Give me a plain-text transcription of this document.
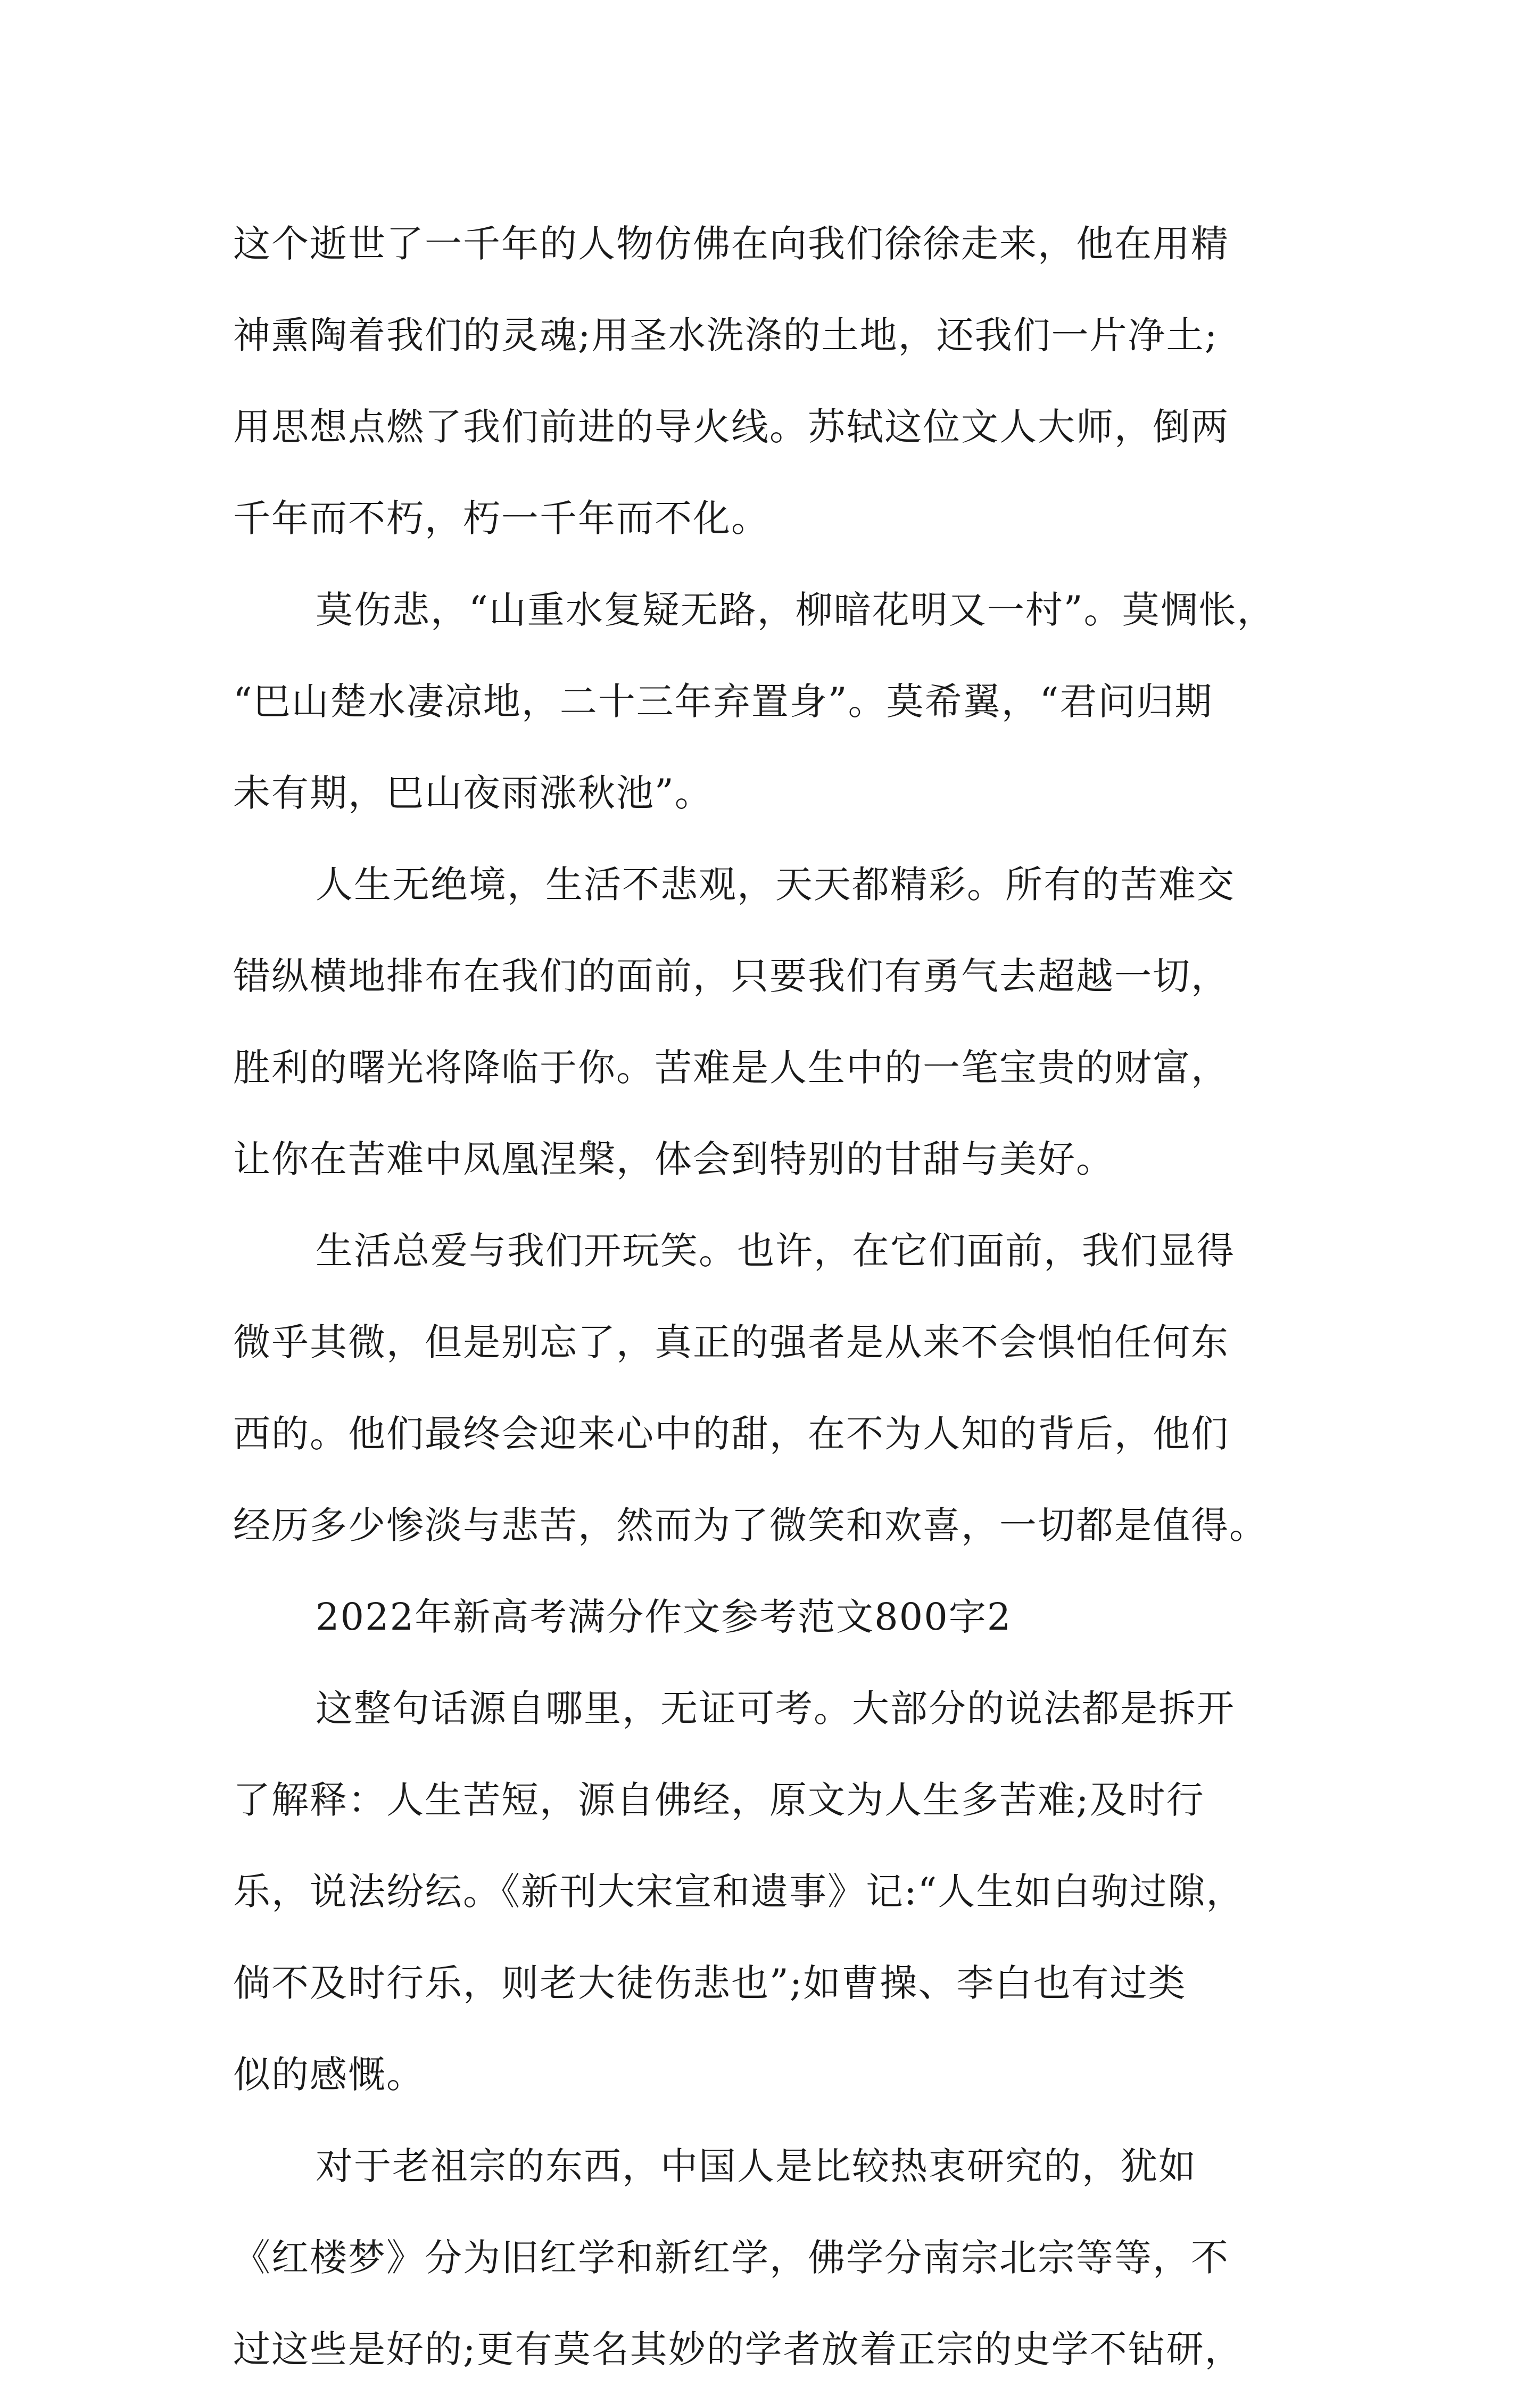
这个逝世了一千年的人物仿佛在向我们徐徐走来，他在用精
神熏陶着我们的灵魂;用圣水洗涤的土地，还我们一片净土;
用思想点燃了我们前进的导火线。苏轼这位文人大师，倒两
千年而不朽，朽一千年而不化。
莫伤悲，“山重水复疑无路，柳暗花明又一村”。莫惆怅，
“巴山楚水凄凉地，二十三年弃置身”。莫希翼，“君问归期
未有期，巴山夜雨涨秋池”。
人生无绝境，生活不悲观，天天都精彩。所有的苦难交
错纵横地排布在我们的面前，只要我们有勇气去超越一切，
胜利的曙光将降临于你。苦难是人生中的一笔宝贵的财富，
让你在苦难中凤凰涅槃，体会到特别的甘甜与美好。
生活总爱与我们开玩笑。也许，在它们面前，我们显得
微乎其微，但是别忘了，真正的强者是从来不会惧怕任何东
西的。他们最终会迎来心中的甜，在不为人知的背后，他们
经历多少惨淡与悲苦，然而为了微笑和欢喜，一切都是值得。
2022年新高考满分作文参考范文800字2
这整句话源自哪里，无证可考。大部分的说法都是拆开
了解释：人生苦短，源自佛经，原文为人生多苦难;及时行
乐，说法纷纭。《新刊大宋宣和遗事》记:“人生如白驹过隙，
倘不及时行乐，则老大徒伤悲也”;如曹操、李白也有过类
似的感慨。
对于老祖宗的东西，中国人是比较热衷研究的，犹如
《红楼梦》分为旧红学和新红学，佛学分南宗北宗等等，不
过这些是好的;更有莫名其妙的学者放着正宗的史学不钻研，
